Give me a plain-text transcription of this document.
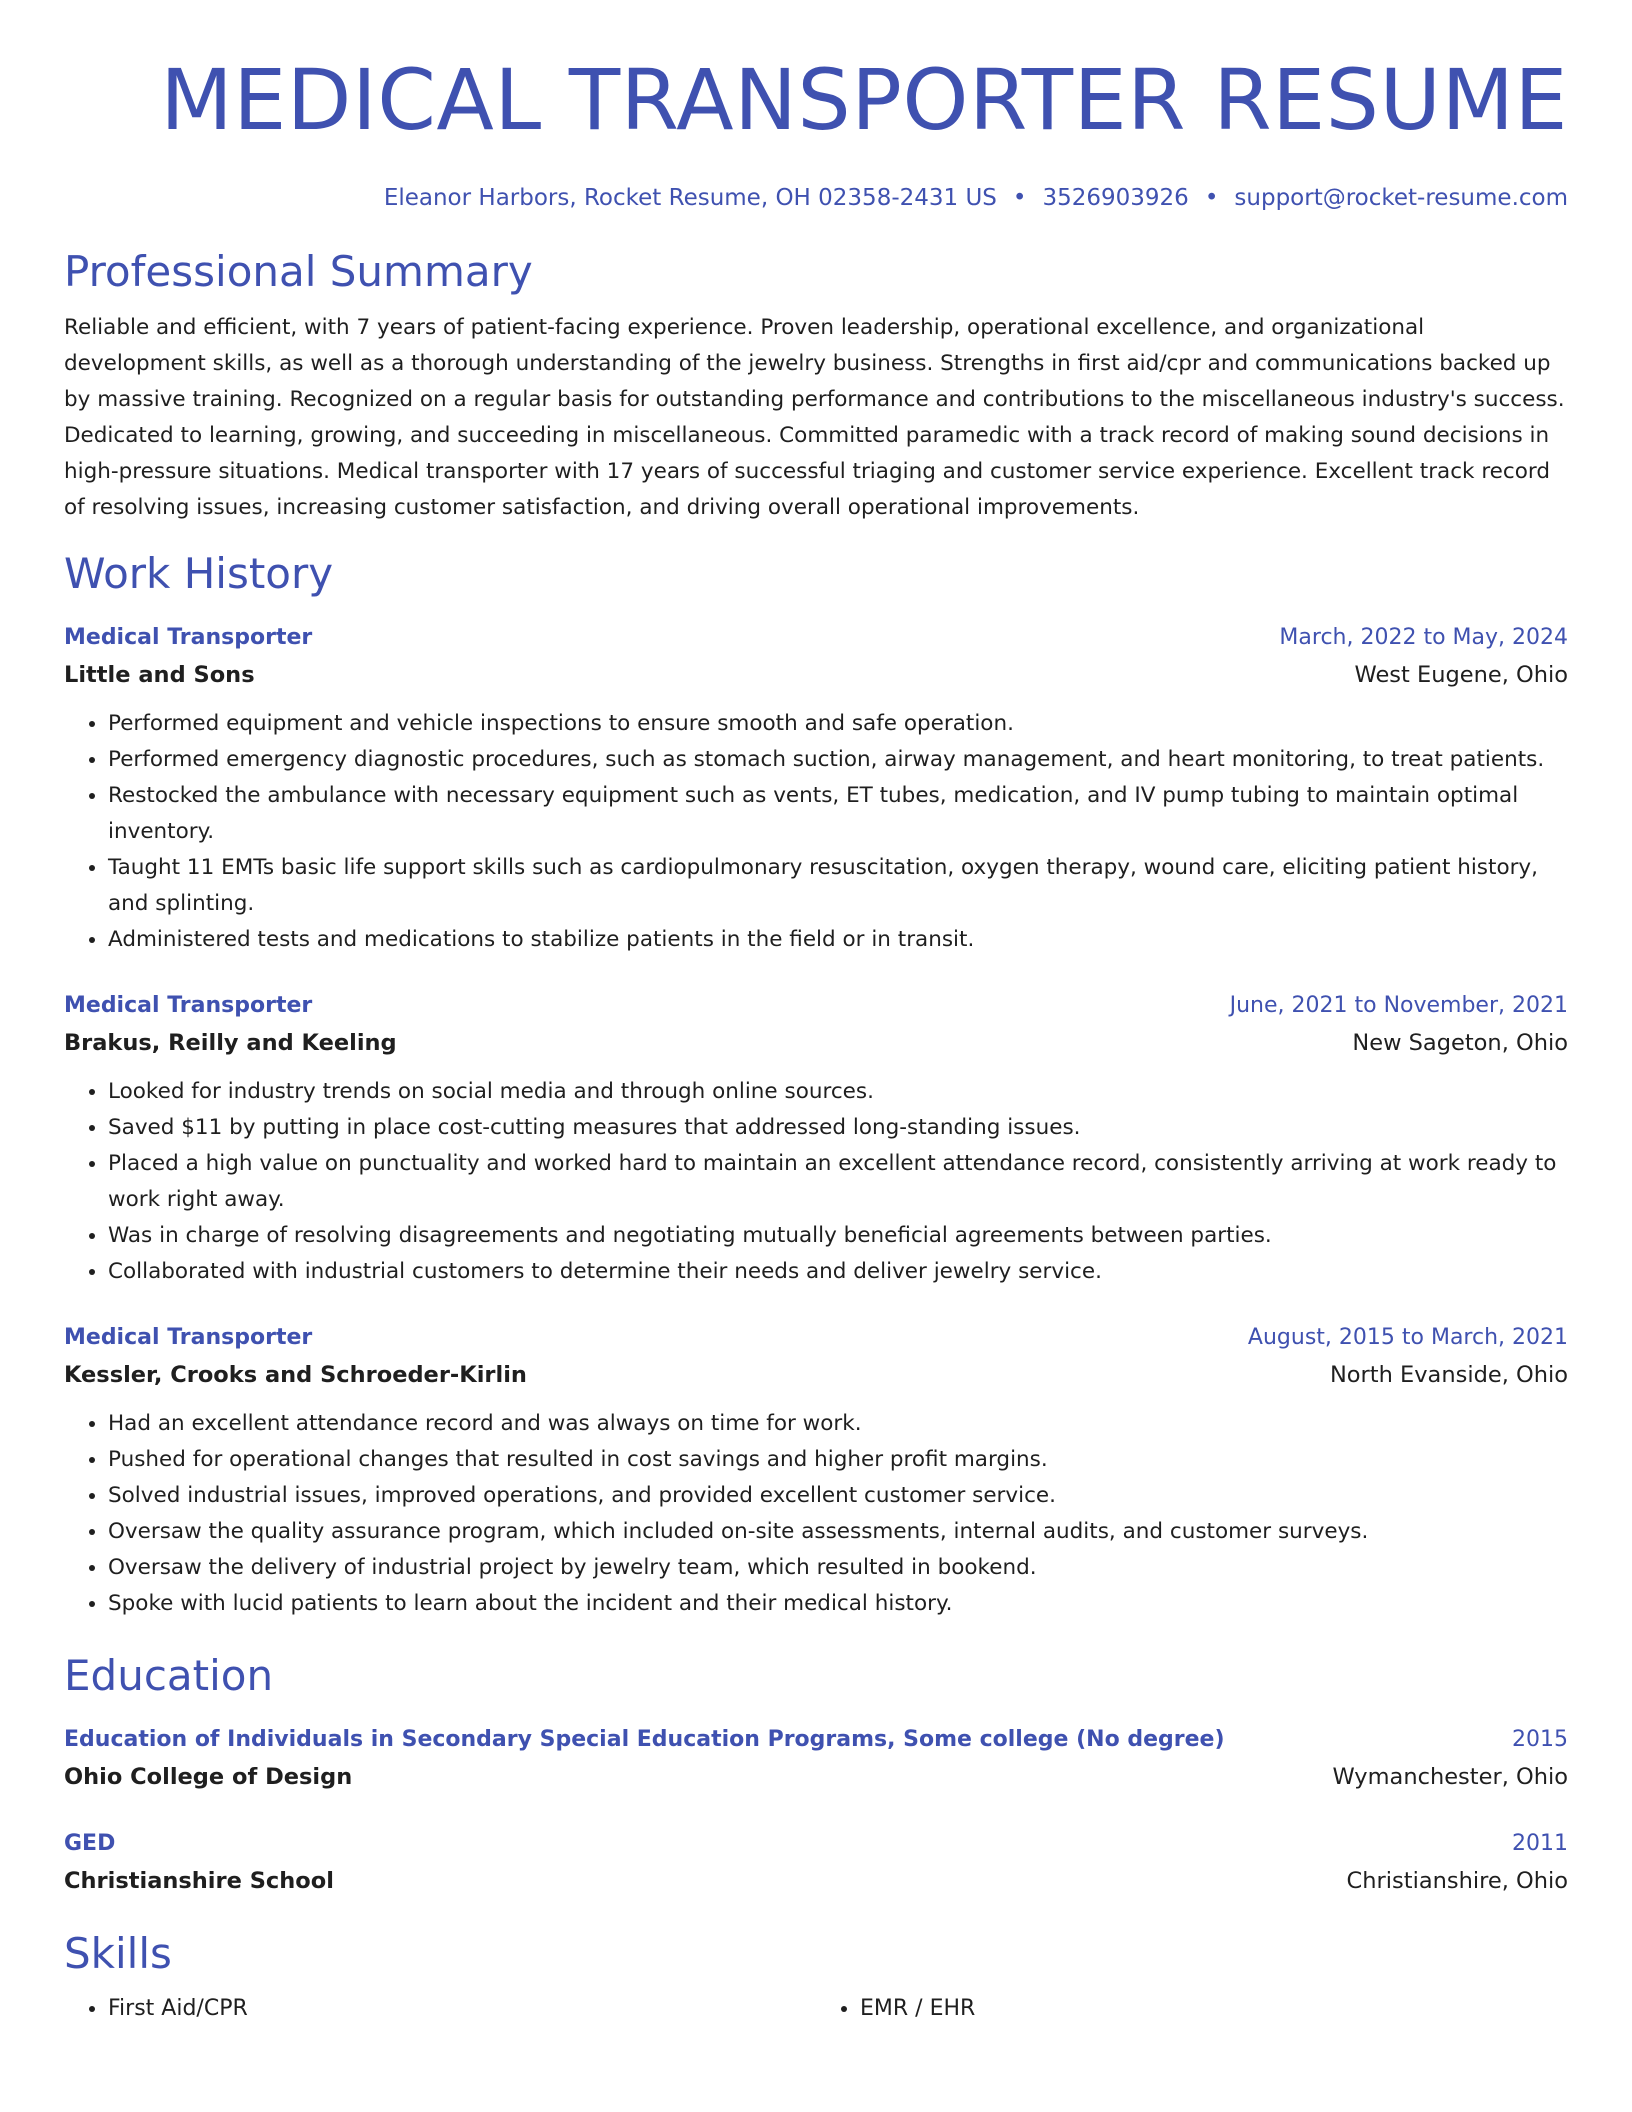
MEDICAL TRANSPORTER RESUME
Eleanor Harbors, Rocket Resume, OH 02358-2431 US • 3526903926 • support@rocket-resume.com
Professional Summary
Reliable and efficient, with 7 years of patient-facing experience. Proven leadership, operational excellence, and organizational development skills, as well as a thorough understanding of the jewelry business. Strengths in first aid/cpr and communications backed up by massive training. Recognized on a regular basis for outstanding performance and contributions to the miscellaneous industry's success. Dedicated to learning, growing, and succeeding in miscellaneous. Committed paramedic with a track record of making sound decisions in high-pressure situations. Medical transporter with 17 years of successful triaging and customer service experience. Excellent track record of resolving issues, increasing customer satisfaction, and driving overall operational improvements.
Work History
Medical Transporter	March, 2022 to May, 2024
Little and Sons	West Eugene, Ohio
• Performed equipment and vehicle inspections to ensure smooth and safe operation.
• Performed emergency diagnostic procedures, such as stomach suction, airway management, and heart monitoring, to treat patients.
• Restocked the ambulance with necessary equipment such as vents, ET tubes, medication, and IV pump tubing to maintain optimal inventory.
• Taught 11 EMTs basic life support skills such as cardiopulmonary resuscitation, oxygen therapy, wound care, eliciting patient history, and splinting.
• Administered tests and medications to stabilize patients in the field or in transit.
Medical Transporter	June, 2021 to November, 2021
Brakus, Reilly and Keeling	New Sageton, Ohio
• Looked for industry trends on social media and through online sources.
• Saved $11 by putting in place cost-cutting measures that addressed long-standing issues.
• Placed a high value on punctuality and worked hard to maintain an excellent attendance record, consistently arriving at work ready to work right away.
• Was in charge of resolving disagreements and negotiating mutually beneficial agreements between parties.
• Collaborated with industrial customers to determine their needs and deliver jewelry service.
Medical Transporter	August, 2015 to March, 2021
Kessler, Crooks and Schroeder-Kirlin	North Evanside, Ohio
• Had an excellent attendance record and was always on time for work.
• Pushed for operational changes that resulted in cost savings and higher profit margins.
• Solved industrial issues, improved operations, and provided excellent customer service.
• Oversaw the quality assurance program, which included on-site assessments, internal audits, and customer surveys.
• Oversaw the delivery of industrial project by jewelry team, which resulted in bookend.
• Spoke with lucid patients to learn about the incident and their medical history.
Education
Education of Individuals in Secondary Special Education Programs, Some college (No degree)	2015
Ohio College of Design	Wymanchester, Ohio
GED	2011
Christianshire School	Christianshire, Ohio
Skills
• First Aid/CPR
•	EMR / EHR
